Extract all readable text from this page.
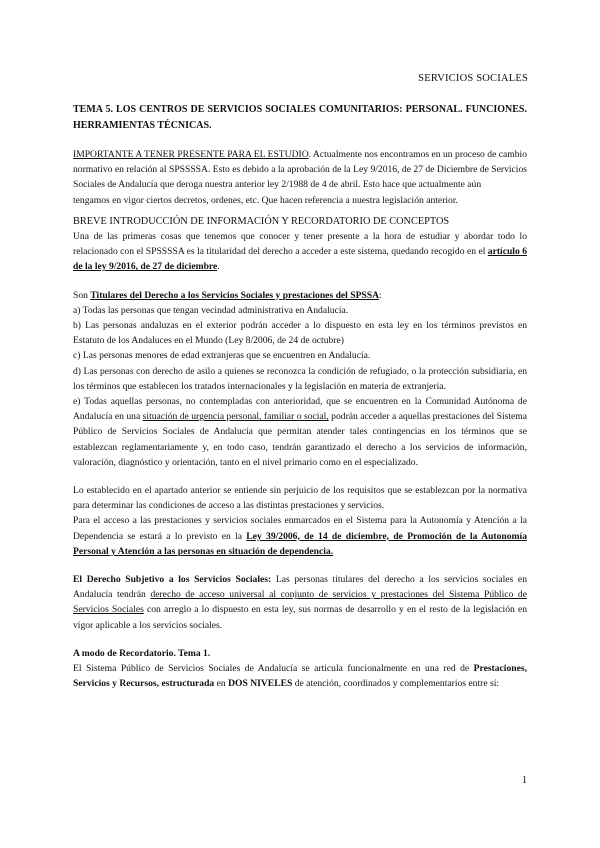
SERVICIOS SOCIALES

TEMA 5. LOS CENTROS DE SERVICIOS SOCIALES COMUNITARIOS: PERSONAL. FUNCIONES. HERRAMIENTAS TÉCNICAS.

IMPORTANTE A TENER PRESENTE PARA EL ESTUDIO. Actualmente nos encontramos en un proceso de cambio normativo en relación al SPSSSSA. Esto es debido a la aprobación de la Ley 9/2016, de 27 de Diciembre de Servicios Sociales de Andalucía que deroga nuestra anterior ley 2/1988 de 4 de abril. Esto hace que actualmente aún

tengamos en vigor ciertos decretos, ordenes, etc. Que hacen referencia a nuestra legislación anterior.

BREVE INTRODUCCIÓN DE INFORMACIÓN Y RECORDATORIO DE CONCEPTOS

Una de las primeras cosas que tenemos que conocer y tener presente a la hora de estudiar y abordar todo lo relacionado con el SPSSSSA es la titularidad del derecho a acceder a este sistema, quedando recogido en el artículo 6 de la ley 9/2016, de 27 de diciembre.

Son Titulares del Derecho a los Servicios Sociales y prestaciones del SPSSA:

a) Todas las personas que tengan vecindad administrativa en Andalucía.

b) Las personas andaluzas en el exterior podrán acceder a lo dispuesto en esta ley en los términos previstos en Estatuto de los Andaluces en el Mundo (Ley 8/2006, de 24 de octubre)

c) Las personas menores de edad extranjeras que se encuentren en Andalucía.

d) Las personas con derecho de asilo a quienes se reconozca la condición de refugiado, o la protección subsidiaria, en los términos que establecen los tratados internacionales y la legislación en materia de extranjería.

e) Todas aquellas personas, no contempladas con anterioridad, que se encuentren en la Comunidad Autónoma de Andalucía en una situación de urgencia personal, familiar o social, podrán acceder a aquellas prestaciones del Sistema Público de Servicios Sociales de Andalucía que permitan atender tales contingencias en los términos que se establezcan reglamentariamente y, en todo caso, tendrán garantizado el derecho a los servicios de información, valoración, diagnóstico y orientación, tanto en el nivel primario como en el especializado.

Lo establecido en el apartado anterior se entiende sin perjuicio de los requisitos que se establezcan por la normativa para determinar las condiciones de acceso a las distintas prestaciones y servicios.

Para el acceso a las prestaciones y servicios sociales enmarcados en el Sistema para la Autonomía y Atención a la Dependencia se estará a lo previsto en la Ley 39/2006, de 14 de diciembre, de Promoción de la Autonomía Personal y Atención a las personas en situación de dependencia.

El Derecho Subjetivo a los Servicios Sociales: Las personas titulares del derecho a los servicios sociales en Andalucía tendrán derecho de acceso universal al conjunto de servicios y prestaciones del Sistema Público de Servicios Sociales con arreglo a lo dispuesto en esta ley, sus normas de desarrollo y en el resto de la legislación en vigor aplicable a los servicios sociales.

A modo de Recordatorio. Tema 1.

El Sistema Público de Servicios Sociales de Andalucía se articula funcionalmente en una red de Prestaciones, Servicios y Recursos, estructurada en DOS NIVELES de atención, coordinados y complementarios entre sí:

1
